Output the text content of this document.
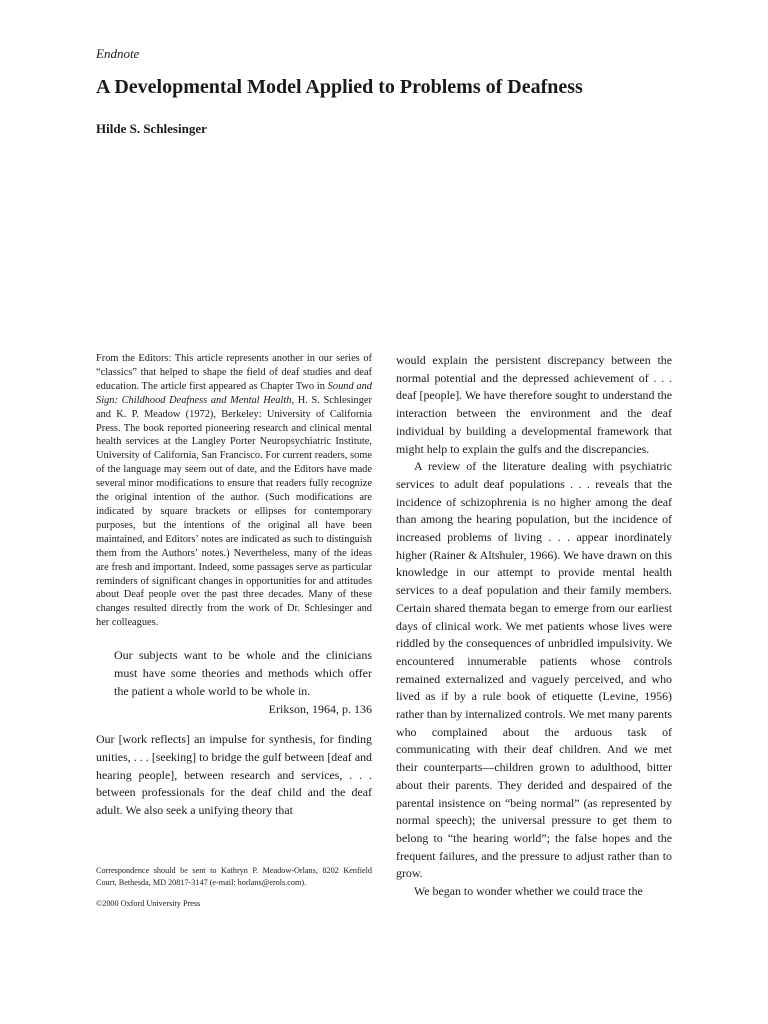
Endnote
A Developmental Model Applied to Problems of Deafness
Hilde S. Schlesinger

From the Editors: This article represents another in our series of “classics” that helped to shape the field of deaf studies and deaf education. The article first appeared as Chapter Two in Sound and Sign: Childhood Deafness and Mental Health, H. S. Schlesinger and K. P. Meadow (1972), Berkeley: University of California Press. The book reported pioneering research and clinical mental health services at the Langley Porter Neuropsychiatric Institute, University of California, San Francisco. For current readers, some of the language may seem out of date, and the Editors have made several minor modifications to ensure that readers fully recognize the original intention of the author. (Such modifications are indicated by square brackets or ellipses for contemporary purposes, but the intentions of the original all have been maintained, and Editors’ notes are indicated as such to distinguish them from the Authors’ notes.) Nevertheless, many of the ideas are fresh and important. Indeed, some passages serve as particular reminders of significant changes in opportunities for and attitudes about Deaf people over the past three decades. Many of these changes resulted directly from the work of Dr. Schlesinger and her colleagues.

Our subjects want to be whole and the clinicians must have some theories and methods which offer the patient a whole world to be whole in.

Erikson, 1964, p. 136

Our [work reflects] an impulse for synthesis, for finding unities, . . . [seeking] to bridge the gulf between [deaf and hearing people], between research and services, . . . between professionals for the deaf child and the deaf adult. We also seek a unifying theory that

Correspondence should be sent to Kathryn P. Meadow-Orlans, 8202 Kenfield Court, Bethesda, MD 20817-3147 (e-mail: horlans@erols.com).

©2000 Oxford University Press

would explain the persistent discrepancy between the normal potential and the depressed achievement of . . . deaf [people]. We have therefore sought to understand the interaction between the environment and the deaf individual by building a developmental framework that might help to explain the gulfs and the discrepancies.

A review of the literature dealing with psychiatric services to adult deaf populations . . . reveals that the incidence of schizophrenia is no higher among the deaf than among the hearing population, but the incidence of increased problems of living . . . appear inordinately higher (Rainer & Altshuler, 1966). We have drawn on this knowledge in our attempt to provide mental health services to a deaf population and their family members. Certain shared themata began to emerge from our earliest days of clinical work. We met patients whose lives were riddled by the consequences of unbridled impulsivity. We encountered innumerable patients whose controls remained externalized and vaguely perceived, and who lived as if by a rule book of etiquette (Levine, 1956) rather than by internalized controls. We met many parents who complained about the arduous task of communicating with their deaf children. And we met their counterparts—children grown to adulthood, bitter about their parents. They derided and despaired of the parental insistence on “being normal” (as represented by normal speech); the universal pressure to get them to belong to “the hearing world”; the false hopes and the frequent failures, and the pressure to adjust rather than to grow.

We began to wonder whether we could trace the
